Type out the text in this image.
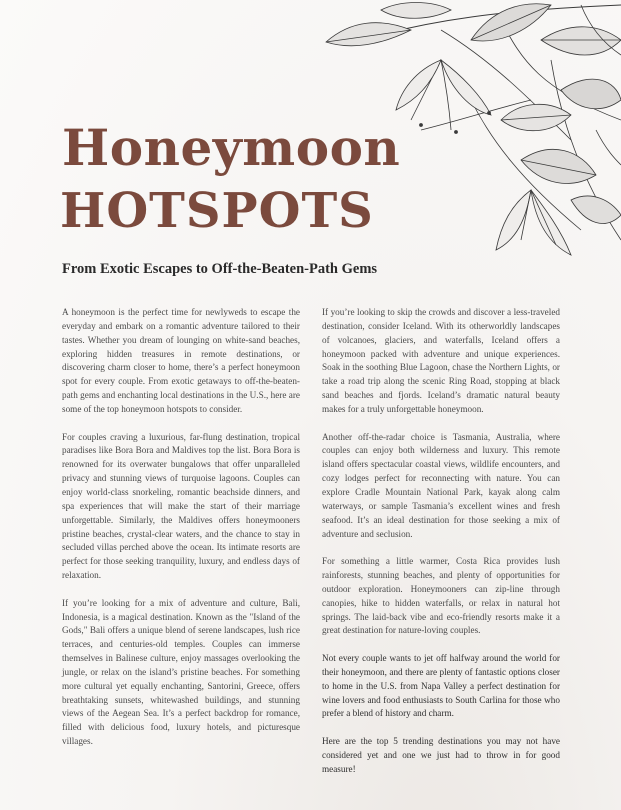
Honeymoon
HOTSPOTS
From Exotic Escapes to Off-the-Beaten-Path Gems

A honeymoon is the perfect time for newlyweds to escape the everyday and embark on a romantic adventure tailored to their tastes. Whether you dream of lounging on white-sand beaches, exploring hidden treasures in remote destinations, or discovering charm closer to home, there’s a perfect honeymoon spot for every couple. From exotic getaways to off-the-beaten-path gems and enchanting local destinations in the U.S., here are some of the top honeymoon hotspots to consider.

For couples craving a luxurious, far-flung destination, tropical paradises like Bora Bora and Maldives top the list. Bora Bora is renowned for its overwater bungalows that offer unparalleled privacy and stunning views of turquoise lagoons. Couples can enjoy world-class snorkeling, romantic beachside dinners, and spa experiences that will make the start of their marriage unforgettable. Similarly, the Maldives offers honeymooners pristine beaches, crystal-clear waters, and the chance to stay in secluded villas perched above the ocean. Its intimate resorts are perfect for those seeking tranquility, luxury, and endless days of relaxation.

If you’re looking for a mix of adventure and culture, Bali, Indonesia, is a magical destination. Known as the "Island of the Gods," Bali offers a unique blend of serene landscapes, lush rice terraces, and centuries-old temples. Couples can immerse themselves in Balinese culture, enjoy massages overlooking the jungle, or relax on the island’s pristine beaches. For something more cultural yet equally enchanting, Santorini, Greece, offers breathtaking sunsets, whitewashed buildings, and stunning views of the Aegean Sea. It’s a perfect backdrop for romance, filled with delicious food, luxury hotels, and picturesque villages.

If you’re looking to skip the crowds and discover a less-traveled destination, consider Iceland. With its otherworldly landscapes of volcanoes, glaciers, and waterfalls, Iceland offers a honeymoon packed with adventure and unique experiences. Soak in the soothing Blue Lagoon, chase the Northern Lights, or take a road trip along the scenic Ring Road, stopping at black sand beaches and fjords. Iceland’s dramatic natural beauty makes for a truly unforgettable honeymoon.

Another off-the-radar choice is Tasmania, Australia, where couples can enjoy both wilderness and luxury. This remote island offers spectacular coastal views, wildlife encounters, and cozy lodges perfect for reconnecting with nature. You can explore Cradle Mountain National Park, kayak along calm waterways, or sample Tasmania’s excellent wines and fresh seafood. It’s an ideal destination for those seeking a mix of adventure and seclusion.

For something a little warmer, Costa Rica provides lush rainforests, stunning beaches, and plenty of opportunities for outdoor exploration. Honeymooners can zip-line through canopies, hike to hidden waterfalls, or relax in natural hot springs. The laid-back vibe and eco-friendly resorts make it a great destination for nature-loving couples.

Not every couple wants to jet off halfway around the world for their honeymoon, and there are plenty of fantastic options closer to home in the U.S. from Napa Valley a perfect destination for wine lovers and food enthusiasts to South Carlina for those who prefer a blend of history and charm.

Here are the top 5 trending destinations you may not have considered yet and one we just had to throw in for good measure!
